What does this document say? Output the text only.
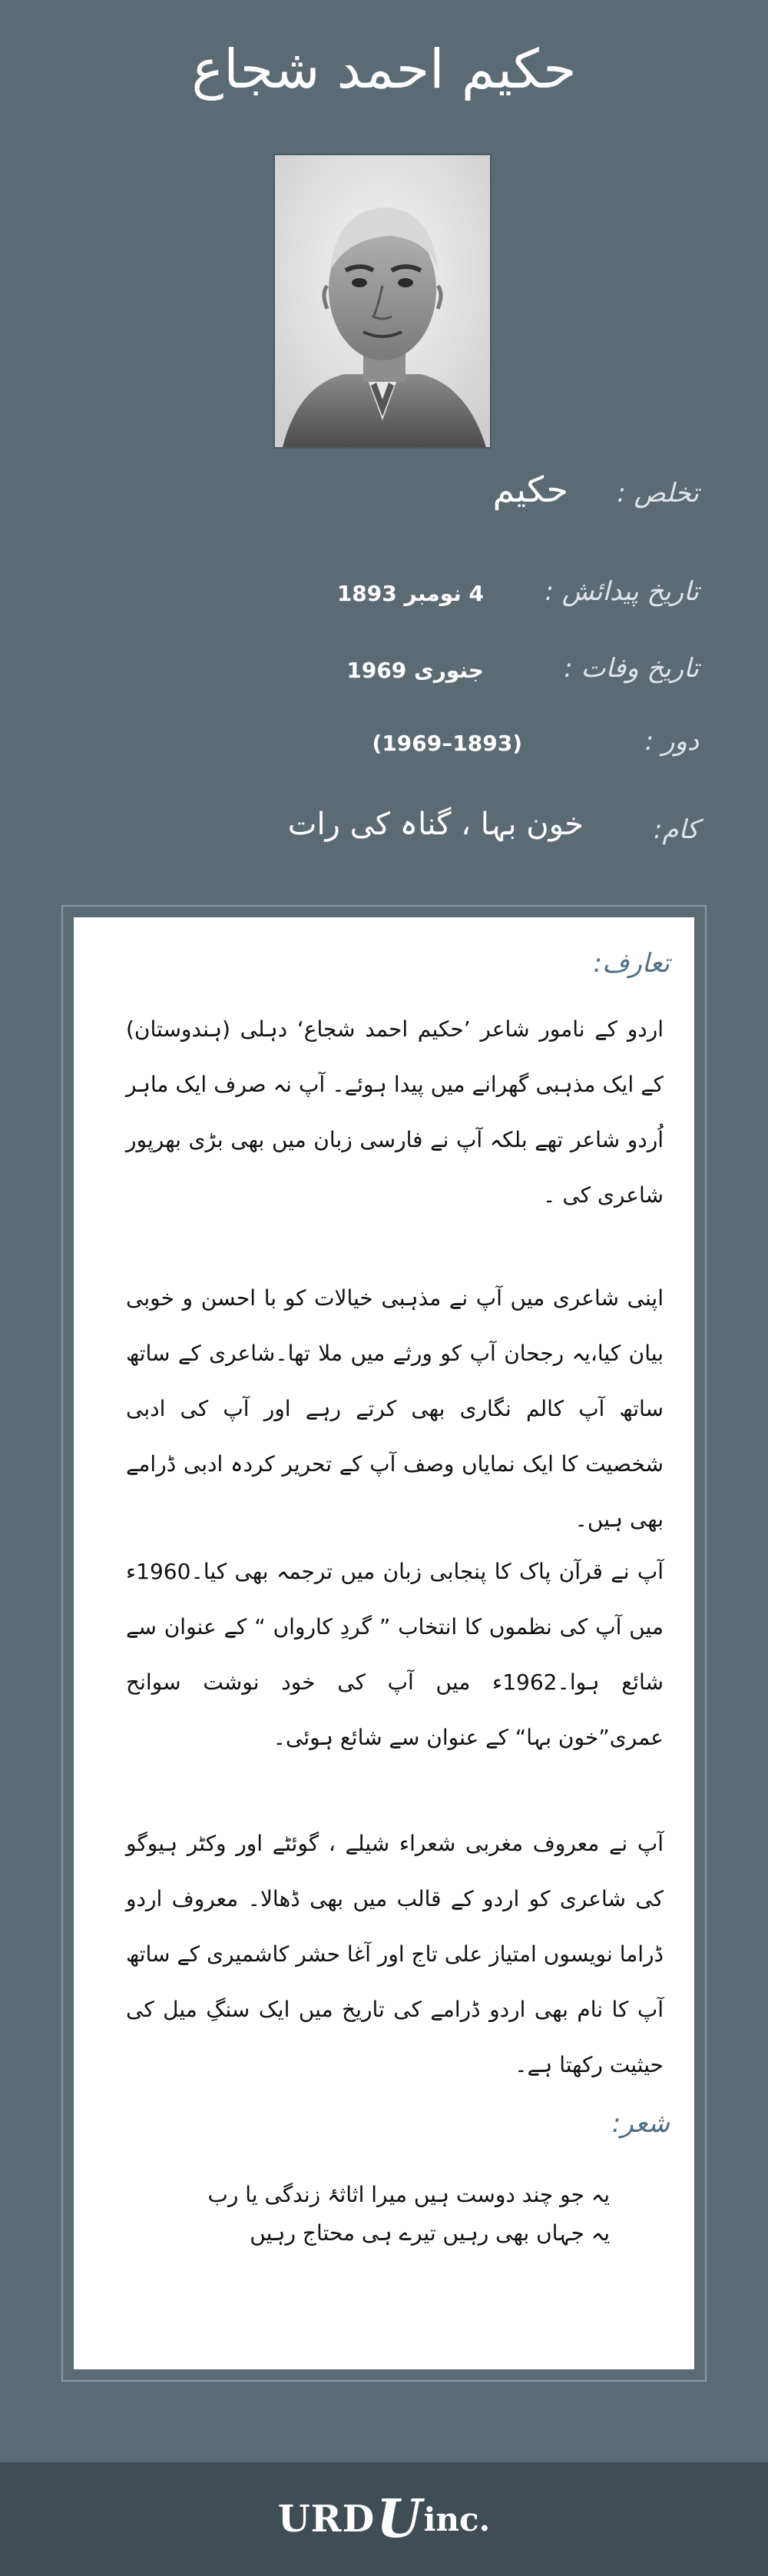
حکیم احمد شجاع
تخلص :
حکیم
تاریخ پیدائش :
4 نومبر 1893
تاریخ وفات :
جنوری 1969
دور :
(1893–1969)
کام:
خون بہا ، گناہ کی رات
تعارف:
اردو کے نامور شاعر ’حکیم احمد شجاع‘ دہلی (ہندوستان) کے ایک مذہبی گھرانے میں پیدا ہوئے۔ آپ نہ صرف ایک ماہر اُردو شاعر تھے بلکہ آپ نے فارسی زبان میں بھی بڑی بھرپور شاعری کی ۔
اپنی شاعری میں آپ نے مذہبی خیالات کو با احسن و خوبی بیان کیا،یہ رجحان آپ کو ورثے میں ملا تھا۔شاعری کے ساتھ ساتھ آپ کالم نگاری بھی کرتے رہے اور آپ کی ادبی شخصیت کا ایک نمایاں وصف آپ کے تحریر کردہ ادبی ڈرامے بھی ہیں۔
آپ نے قرآن پاک کا پنجابی زبان میں ترجمہ بھی کیا۔1960ء میں آپ کی نظموں کا انتخاب ” گردِ کارواں “ کے عنوان سے شائع ہوا۔1962ء میں آپ کی خود نوشت سوانح عمری”خون بہا“ کے عنوان سے شائع ہوئی۔
آپ نے معروف مغربی شعراء شیلے ، گوئٹے اور وکٹر ہیوگو کی شاعری کو اردو کے قالب میں بھی ڈھالا۔ معروف اردو ڈراما نویسوں امتیاز علی تاج اور آغا حشر کاشمیری کے ساتھ آپ کا نام بھی اردو ڈرامے کی تاریخ میں ایک سنگِ میل کی حیثیت رکھتا ہے۔
شعر:
یہ جو چند دوست ہیں میرا اثاثۂ زندگی یا رب
یہ جہاں بھی رہیں تیرے ہی محتاج رہیں
URD U inc.
